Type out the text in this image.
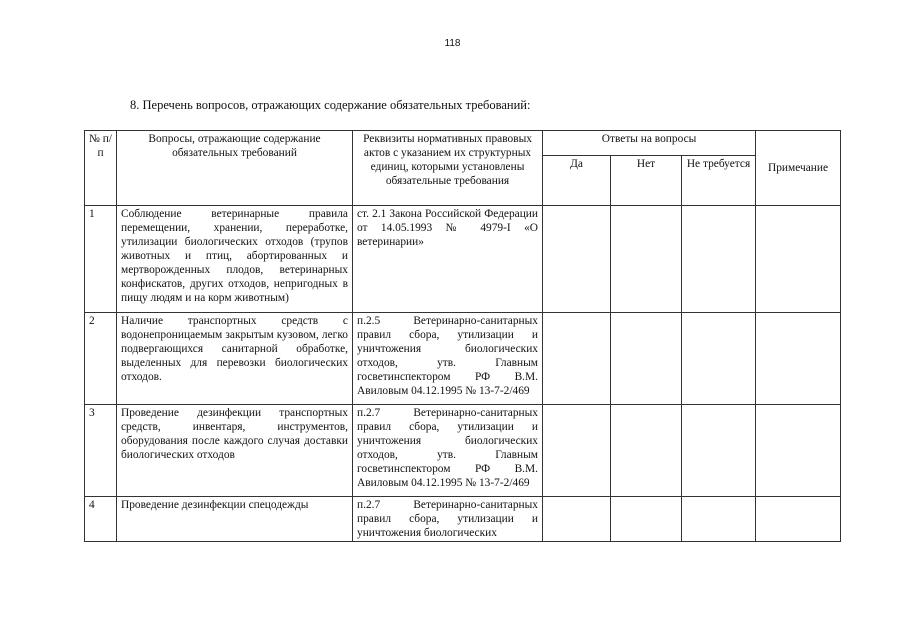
118
8. Перечень вопросов, отражающих содержание обязательных требований:
№ п/п	Вопросы, отражающие содержание обязательных требований	Реквизиты нормативных правовых актов с указанием их структурных единиц, которыми установлены обязательные требования	Ответы на вопросы			Примечание
			Да	Нет	Не требуется	
1	Соблюдение ветеринарные правила перемещении, хранении, переработке, утилизации биологических отходов (трупов животных и птиц, абортированных и мертворожденных плодов, ветеринарных конфискатов, других отходов, непригодных в пищу людям и на корм животным)	ст. 2.1 Закона Российской Федерации от 14.05.1993 № 4979-I «О ветеринарии»				
2	Наличие транспортных средств с водонепроницаемым закрытым кузовом, легко подвергающихся санитарной обработке, выделенных для перевозки биологических отходов.	п.2.5 Ветеринарно-санитарных правил сбора, утилизации и уничтожения биологических отходов, утв. Главным госветинспектором РФ В.М. Авиловым 04.12.1995 № 13-7-2/469				
3	Проведение дезинфекции транспортных средств, инвентаря, инструментов, оборудования после каждого случая доставки биологических отходов	п.2.7 Ветеринарно-санитарных правил сбора, утилизации и уничтожения биологических отходов, утв. Главным госветинспектором РФ В.М. Авиловым 04.12.1995 № 13-7-2/469				
4	Проведение дезинфекции спецодежды	п.2.7 Ветеринарно-санитарных правил сбора, утилизации и уничтожения биологических				
